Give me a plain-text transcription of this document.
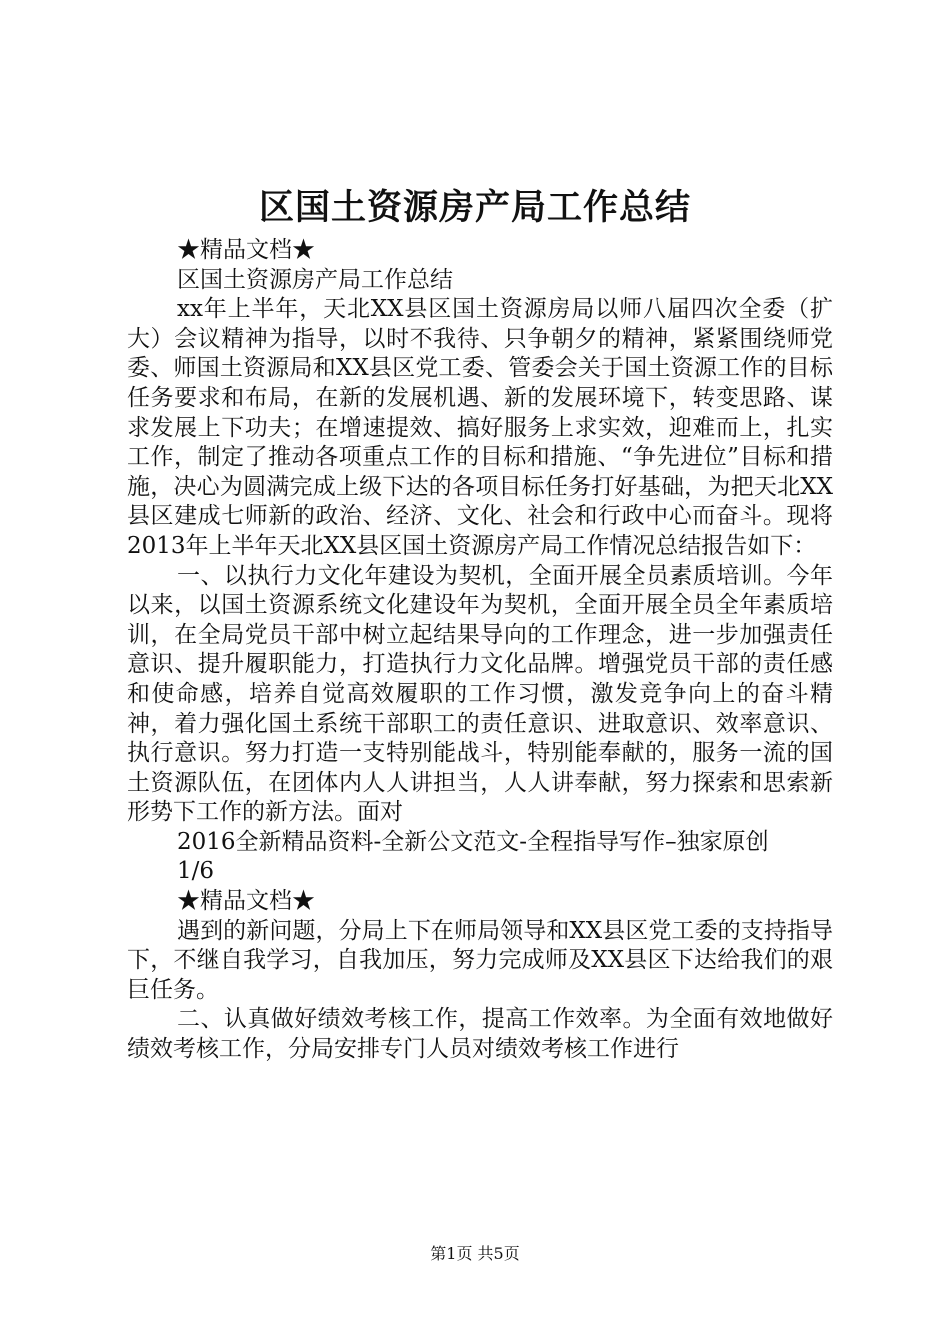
区国土资源房产局工作总结

★精品文档★

区国土资源房产局工作总结

xx年上半年，天北XX县区国土资源房局以师八届四次全委（扩大）会议精神为指导，以时不我待、只争朝夕的精神，紧紧围绕师党委、师国土资源局和XX县区党工委、管委会关于国土资源工作的目标任务要求和布局，在新的发展机遇、新的发展环境下，转变思路、谋求发展上下功夫；在增速提效、搞好服务上求实效，迎难而上，扎实工作，制定了推动各项重点工作的目标和措施、“争先进位”目标和措施，决心为圆满完成上级下达的各项目标任务打好基础，为把天北XX县区建成七师新的政治、经济、文化、社会和行政中心而奋斗。现将2013年上半年天北XX县区国土资源房产局工作情况总结报告如下：

一、以执行力文化年建设为契机，全面开展全员素质培训。今年以来，以国土资源系统文化建设年为契机，全面开展全员全年素质培训，在全局党员干部中树立起结果导向的工作理念，进一步加强责任意识、提升履职能力，打造执行力文化品牌。增强党员干部的责任感和使命感，培养自觉高效履职的工作习惯，激发竞争向上的奋斗精神，着力强化国土系统干部职工的责任意识、进取意识、效率意识、执行意识。努力打造一支特别能战斗，特别能奉献的，服务一流的国土资源队伍，在团体内人人讲担当，人人讲奉献，努力探索和思索新形势下工作的新方法。面对

2016全新精品资料-全新公文范文-全程指导写作–独家原创

1/6

★精品文档★

遇到的新问题，分局上下在师局领导和XX县区党工委的支持指导下，不继自我学习，自我加压，努力完成师及XX县区下达给我们的艰巨任务。

二、认真做好绩效考核工作，提高工作效率。为全面有效地做好绩效考核工作，分局安排专门人员对绩效考核工作进行

第1页 共5页
